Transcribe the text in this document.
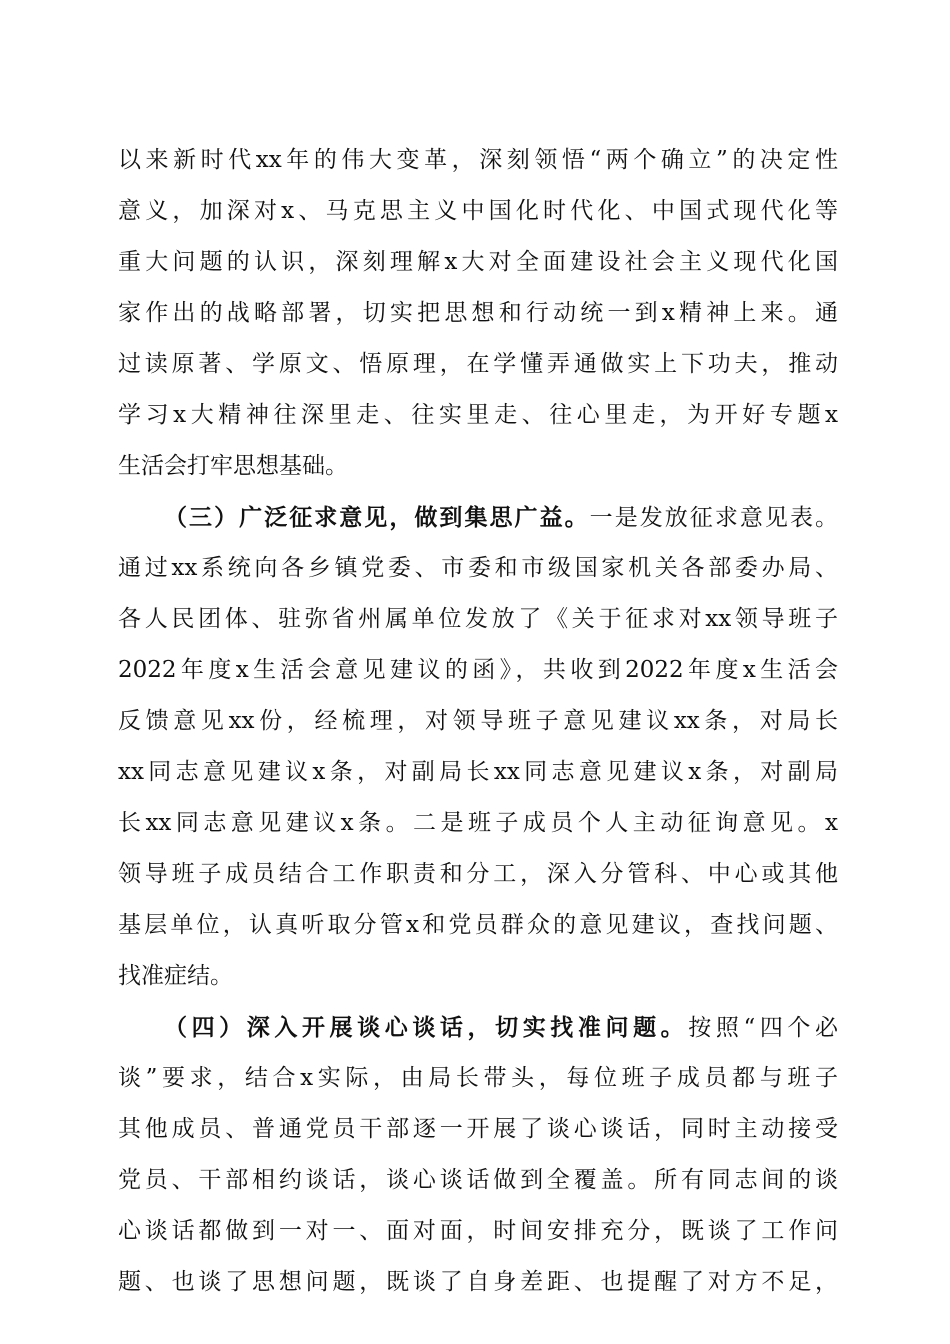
以来新时代xx年的伟大变革，深刻领悟“两个确立”的决定性
意义，加深对x、马克思主义中国化时代化、中国式现代化等
重大问题的认识，深刻理解x大对全面建设社会主义现代化国
家作出的战略部署，切实把思想和行动统一到x精神上来。通
过读原著、学原文、悟原理，在学懂弄通做实上下功夫，推动
学习x大精神往深里走、往实里走、往心里走，为开好专题x
生活会打牢思想基础。
（三）广泛征求意见，做到集思广益。一是发放征求意见表。
通过xx系统向各乡镇党委、市委和市级国家机关各部委办局、
各人民团体、驻弥省州属单位发放了《关于征求对xx领导班子
2022年度x生活会意见建议的函》，共收到2022年度x生活会
反馈意见xx份，经梳理，对领导班子意见建议xx条，对局长
xx同志意见建议x条，对副局长xx同志意见建议x条，对副局
长xx同志意见建议x条。二是班子成员个人主动征询意见。x
领导班子成员结合工作职责和分工，深入分管科、中心或其他
基层单位，认真听取分管x和党员群众的意见建议，查找问题、
找准症结。
（四）深入开展谈心谈话，切实找准问题。按照“四个必
谈”要求，结合x实际，由局长带头，每位班子成员都与班子
其他成员、普通党员干部逐一开展了谈心谈话，同时主动接受
党员、干部相约谈话，谈心谈话做到全覆盖。所有同志间的谈
心谈话都做到一对一、面对面，时间安排充分，既谈了工作问
题、也谈了思想问题，既谈了自身差距、也提醒了对方不足，
